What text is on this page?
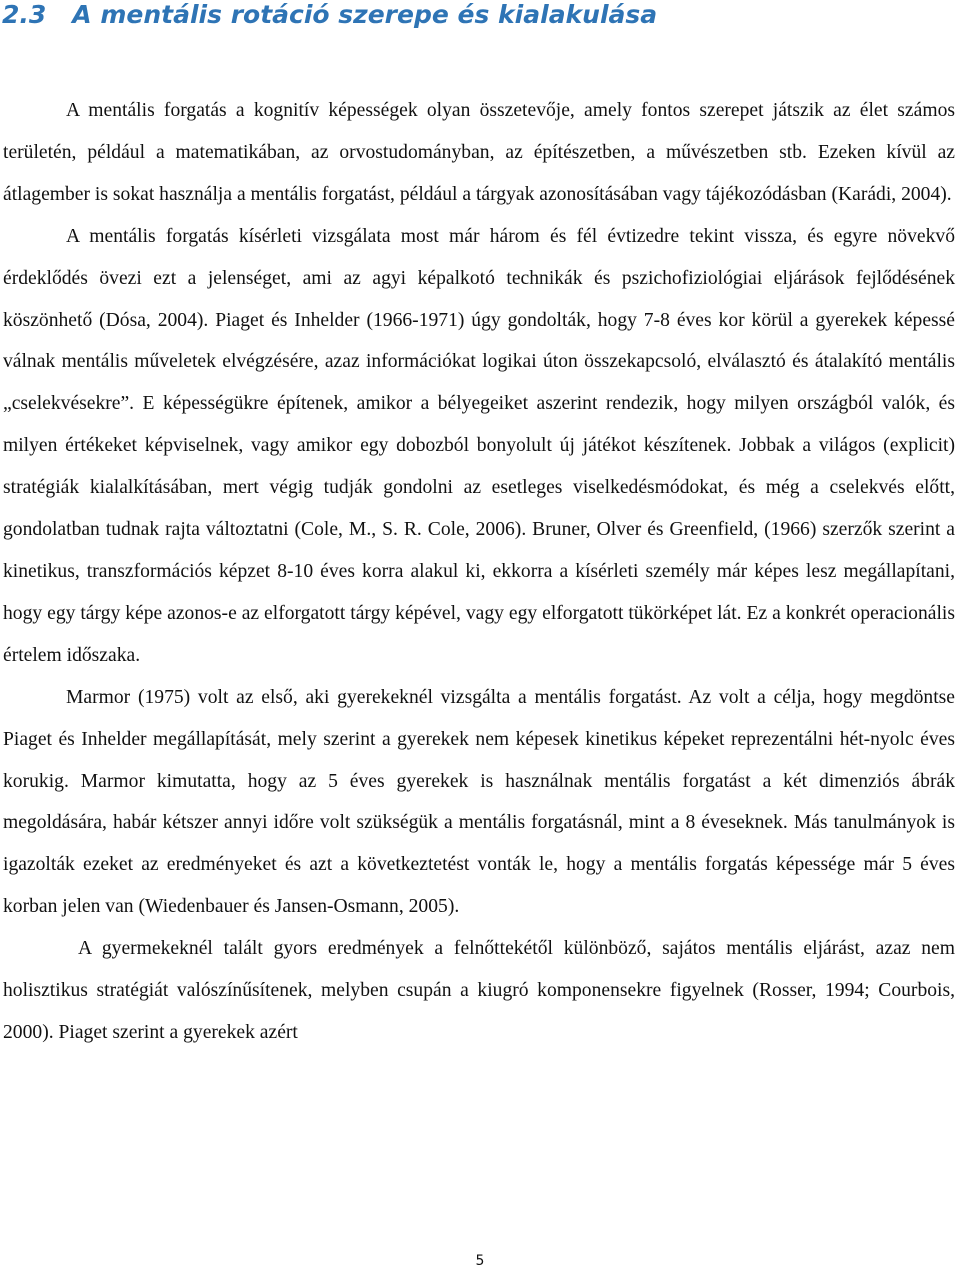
2.3 A mentális rotáció szerepe és kialakulása

A mentális forgatás a kognitív képességek olyan összetevője, amely fontos szerepet játszik az élet számos területén, például a matematikában, az orvostudományban, az építészetben, a művészetben stb. Ezeken kívül az átlagember is sokat használja a mentális forgatást, például a tárgyak azonosításában vagy tájékozódásban (Karádi, 2004).

A mentális forgatás kísérleti vizsgálata most már három és fél évtizedre tekint vissza, és egyre növekvő érdeklődés övezi ezt a jelenséget, ami az agyi képalkotó technikák és pszichofiziológiai eljárások fejlődésének köszönhető (Dósa, 2004). Piaget és Inhelder (1966-1971) úgy gondolták, hogy 7-8 éves kor körül a gyerekek képessé válnak mentális műveletek elvégzésére, azaz információkat logikai úton összekapcsoló, elválasztó és átalakító mentális „cselekvésekre”. E képességükre építenek, amikor a bélyegeiket aszerint rendezik, hogy milyen országból valók, és milyen értékeket képviselnek, vagy amikor egy dobozból bonyolult új játékot készítenek. Jobbak a világos (explicit) stratégiák kialalkításában, mert végig tudják gondolni az esetleges viselkedésmódokat, és még a cselekvés előtt, gondolatban tudnak rajta változtatni (Cole, M., S. R. Cole, 2006). Bruner, Olver és Greenfield, (1966) szerzők szerint a kinetikus, transzformációs képzet 8-10 éves korra alakul ki, ekkorra a kísérleti személy már képes lesz megállapítani, hogy egy tárgy képe azonos-e az elforgatott tárgy képével, vagy egy elforgatott tükörképet lát. Ez a konkrét operacionális értelem időszaka.

Marmor (1975) volt az első, aki gyerekeknél vizsgálta a mentális forgatást. Az volt a célja, hogy megdöntse Piaget és Inhelder megállapítását, mely szerint a gyerekek nem képesek kinetikus képeket reprezentálni hét-nyolc éves korukig. Marmor kimutatta, hogy az 5 éves gyerekek is használnak mentális forgatást a két dimenziós ábrák megoldására, habár kétszer annyi időre volt szükségük a mentális forgatásnál, mint a 8 éveseknek. Más tanulmányok is igazolták ezeket az eredményeket és azt a következtetést vonták le, hogy a mentális forgatás képessége már 5 éves korban jelen van (Wiedenbauer és Jansen-Osmann, 2005).

A gyermekeknél talált gyors eredmények a felnőttekétől különböző, sajátos mentális eljárást, azaz nem holisztikus stratégiát valószínűsítenek, melyben csupán a kiugró komponensekre figyelnek (Rosser, 1994; Courbois, 2000). Piaget szerint a gyerekek azért

5
